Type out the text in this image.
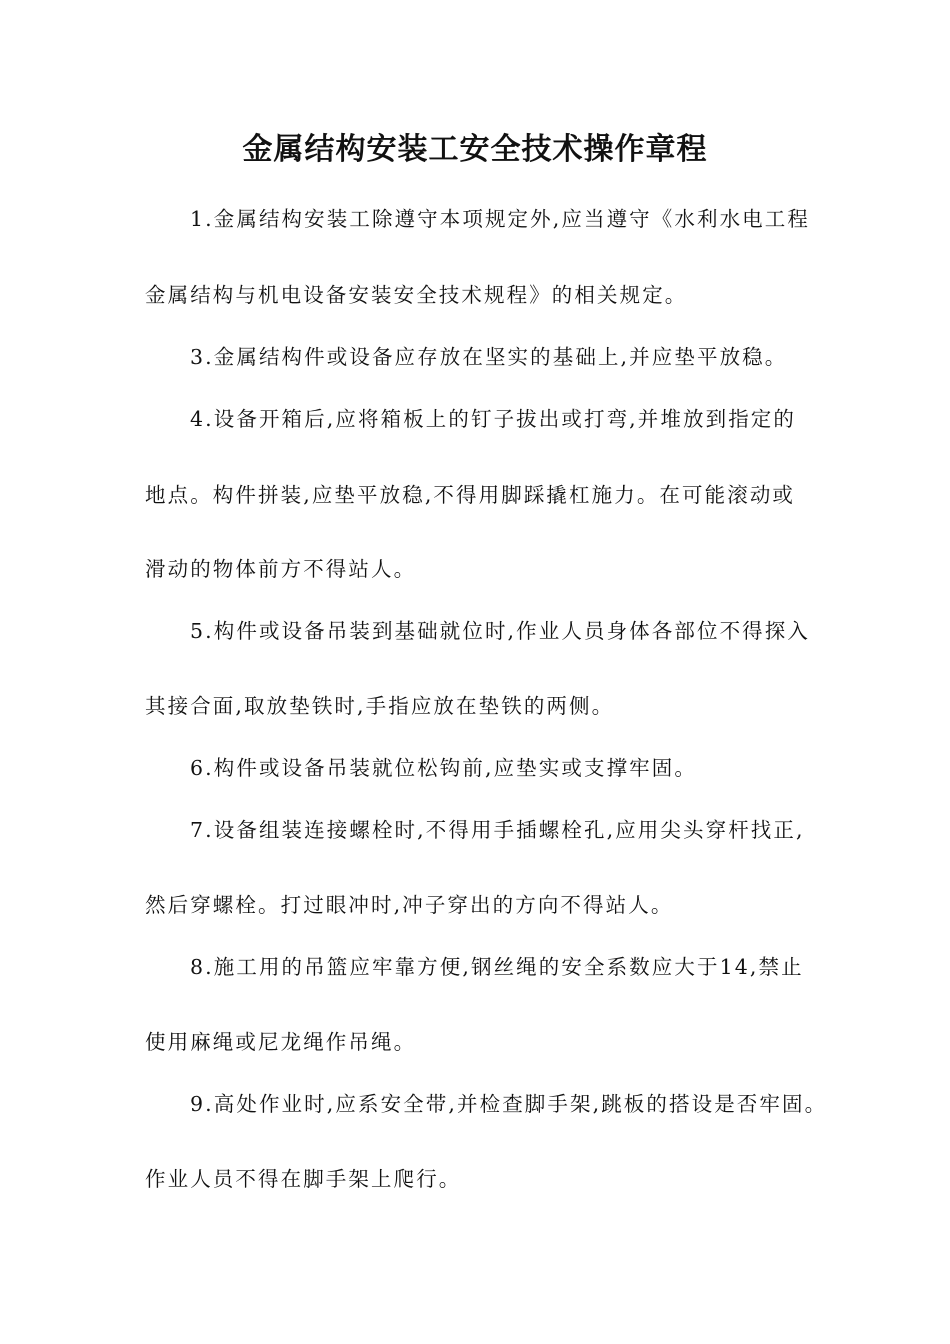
金属结构安装工安全技术操作章程
1.金属结构安装工除遵守本项规定外,应当遵守《水利水电工程
金属结构与机电设备安装安全技术规程》的相关规定。
3.金属结构件或设备应存放在坚实的基础上,并应垫平放稳。
4.设备开箱后,应将箱板上的钉子拔出或打弯,并堆放到指定的
地点。构件拼装,应垫平放稳,不得用脚踩撬杠施力。在可能滚动或
滑动的物体前方不得站人。
5.构件或设备吊装到基础就位时,作业人员身体各部位不得探入
其接合面,取放垫铁时,手指应放在垫铁的两侧。
6.构件或设备吊装就位松钩前,应垫实或支撑牢固。
7.设备组装连接螺栓时,不得用手插螺栓孔,应用尖头穿杆找正,
然后穿螺栓。打过眼冲时,冲子穿出的方向不得站人。
8.施工用的吊篮应牢靠方便,钢丝绳的安全系数应大于14,禁止
使用麻绳或尼龙绳作吊绳。
9.高处作业时,应系安全带,并检查脚手架,跳板的搭设是否牢固。
作业人员不得在脚手架上爬行。
